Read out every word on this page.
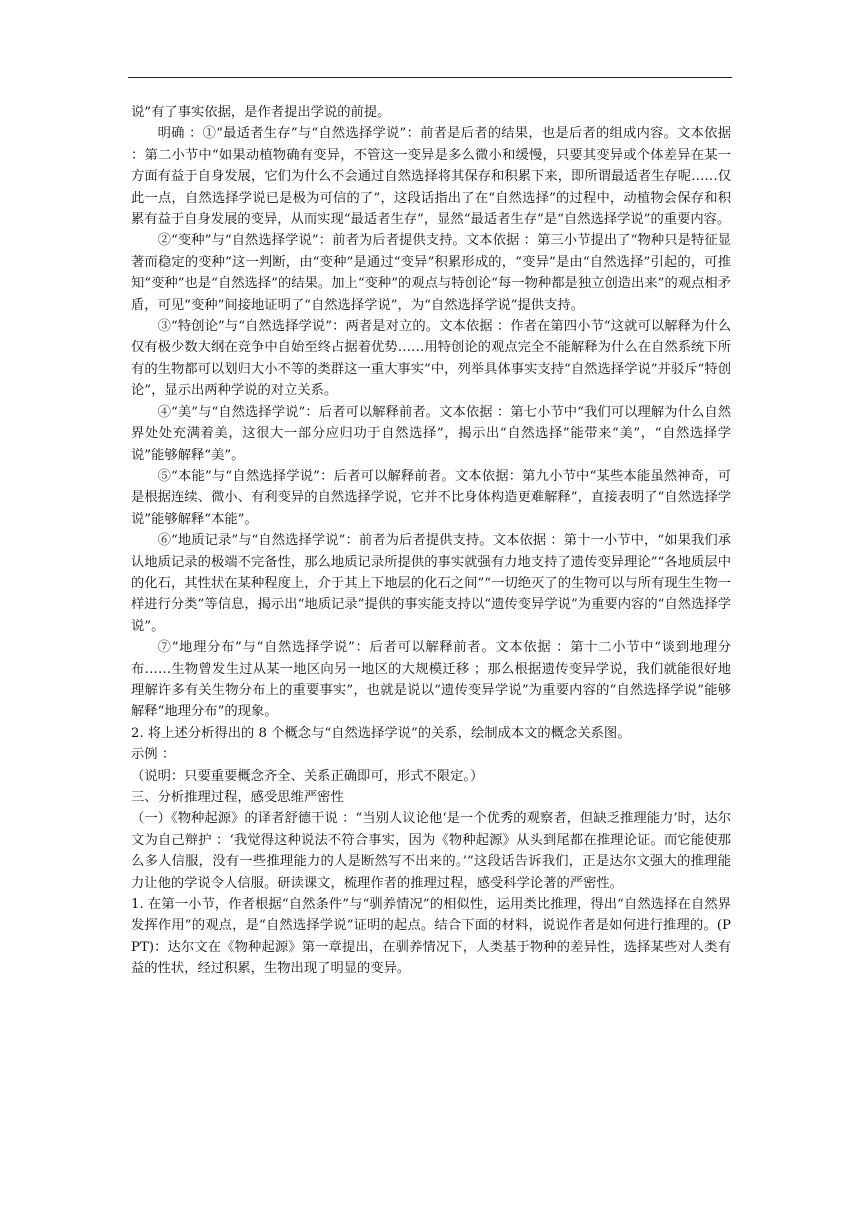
说”有了事实依据，是作者提出学说的前提。

明确 ：①“最适者生存”与“自然选择学说”：前者是后者的结果，也是后者的组成内容。文本依据 ：第二小节中“如果动植物确有变异，不管这一变异是多么微小和缓慢，只要其变异或个体差异在某一方面有益于自身发展，它们为什么不会通过自然选择将其保存和积累下来，即所谓最适者生存呢……仅此一点，自然选择学说已是极为可信的了”，这段话指出了在“自然选择”的过程中，动植物会保存和积累有益于自身发展的变异，从而实现“最适者生存”，显然“最适者生存”是“自然选择学说”的重要内容。

②“变种”与“自然选择学说”：前者为后者提供支持。文本依据 ：第三小节提出了“物种只是特征显著而稳定的变种”这一判断，由“变种”是通过“变异”积累形成的，“变异”是由“自然选择”引起的，可推知“变种”也是“自然选择”的结果。加上“变种”的观点与特创论“每一物种都是独立创造出来”的观点相矛盾，可见“变种”间接地证明了“自然选择学说”，为“自然选择学说”提供支持。

③“特创论”与“自然选择学说”：两者是对立的。文本依据 ：作者在第四小节“这就可以解释为什么仅有极少数大纲在竞争中自始至终占据着优势……用特创论的观点完全不能解释为什么在自然系统下所有的生物都可以划归大小不等的类群这一重大事实”中，列举具体事实支持“自然选择学说”并驳斥“特创论”，显示出两种学说的对立关系。

④“美”与“自然选择学说”：后者可以解释前者。文本依据 ：第七小节中“我们可以理解为什么自然界处处充满着美，这很大一部分应归功于自然选择”，揭示出“自然选择”能带来“美”，“自然选择学说”能够解释“美”。

⑤“本能”与“自然选择学说”：后者可以解释前者。文本依据：第九小节中“某些本能虽然神奇，可是根据连续、微小、有利变异的自然选择学说，它并不比身体构造更难解释”，直接表明了“自然选择学说”能够解释“本能”。

⑥“地质记录”与“自然选择学说”：前者为后者提供支持。文本依据 ：第十一小节中，“如果我们承认地质记录的极端不完备性，那么地质记录所提供的事实就强有力地支持了遗传变异理论”“各地质层中的化石，其性状在某种程度上，介于其上下地层的化石之间”“一切绝灭了的生物可以与所有现生生物一样进行分类”等信息，揭示出“地质记录”提供的事实能支持以“遗传变异学说”为重要内容的“自然选择学说”。

⑦“地理分布”与“自然选择学说”：后者可以解释前者。文本依据 ：第十二小节中“谈到地理分布……生物曾发生过从某一地区向另一地区的大规模迁移 ；那么根据遗传变异学说，我们就能很好地理解许多有关生物分布上的重要事实”，也就是说以“遗传变异学说”为重要内容的“自然选择学说”能够解释“地理分布”的现象。

2. 将上述分析得出的 8 个概念与“自然选择学说”的关系，绘制成本文的概念关系图。

示例 ：

（说明：只要重要概念齐全、关系正确即可，形式不限定。）

三、分析推理过程，感受思维严密性

（一）《物种起源》的译者舒德干说 ：“当别人议论他‘是一个优秀的观察者，但缺乏推理能力’时，达尔文为自己辩护 ：‘我觉得这种说法不符合事实，因为《物种起源》从头到尾都在推理论证。而它能使那么多人信服，没有一些推理能力的人是断然写不出来的。’”这段话告诉我们，正是达尔文强大的推理能力让他的学说令人信服。研读课文，梳理作者的推理过程，感受科学论著的严密性。

1. 在第一小节，作者根据“自然条件”与“驯养情况”的相似性，运用类比推理，得出“自然选择在自然界发挥作用”的观点，是“自然选择学说”证明的起点。结合下面的材料，说说作者是如何进行推理的。(PPT)：达尔文在《物种起源》第一章提出，在驯养情况下，人类基于物种的差异性，选择某些对人类有益的性状，经过积累，生物出现了明显的变异。
